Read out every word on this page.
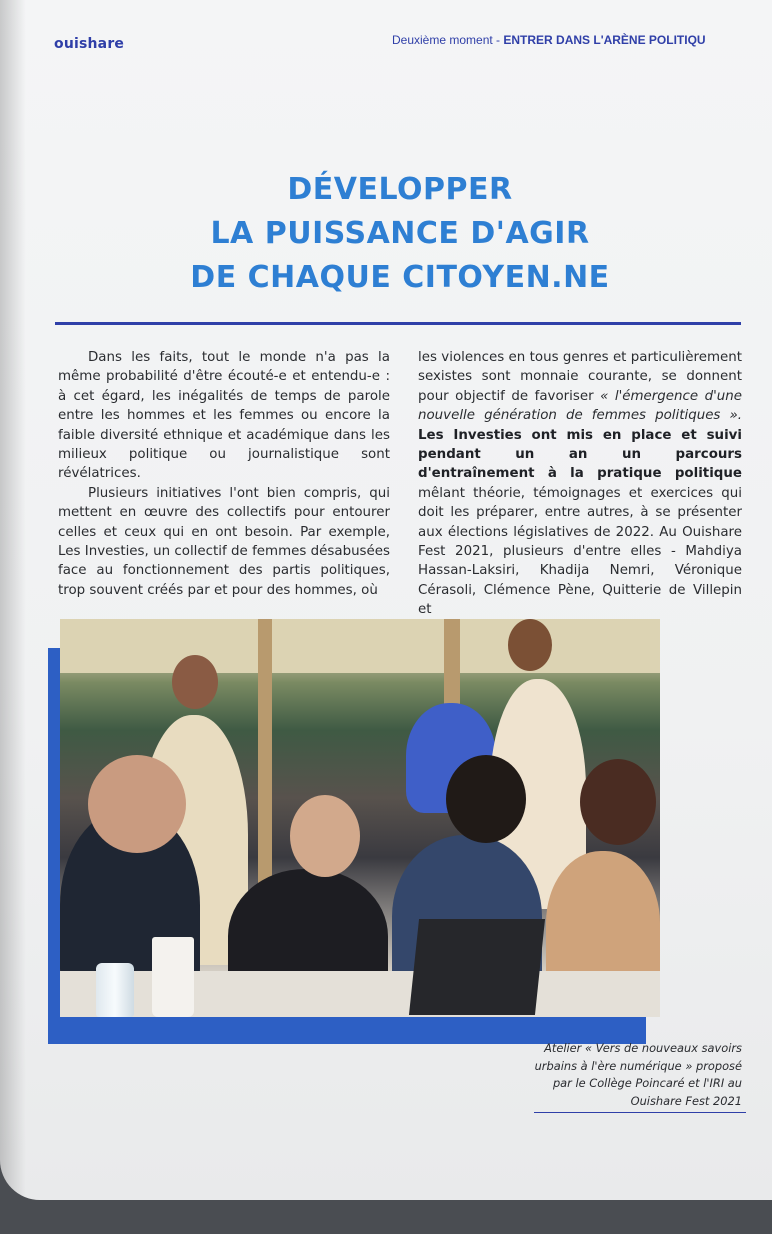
ouishare	Deuxième moment - ENTRER DANS L'ARÈNE POLITIQU
DÉVELOPPER
LA PUISSANCE D'AGIR
DE CHAQUE CITOYEN.NE

Dans les faits, tout le monde n'a pas la même probabilité d'être écouté-e et entendu-e : à cet égard, les inégalités de temps de parole entre les hommes et les femmes ou encore la faible diversité ethnique et académique dans les milieux politique ou journalistique sont révélatrices.

Plusieurs initiatives l'ont bien compris, qui mettent en œuvre des collectifs pour entourer celles et ceux qui en ont besoin. Par exemple, Les Investies, un collectif de femmes désabusées face au fonctionnement des partis politiques, trop souvent créés par et pour des hommes, où

les violences en tous genres et particulièrement sexistes sont monnaie courante, se donnent pour objectif de favoriser « l'émergence d'une nouvelle génération de femmes politiques ». Les Investies ont mis en place et suivi pendant un an un parcours d'entraînement à la pratique politique mêlant théorie, témoignages et exercices qui doit les préparer, entre autres, à se présenter aux élections législatives de 2022. Au Ouishare Fest 2021, plusieurs d'entre elles - Mahdiya Hassan-Laksiri, Khadija Nemri, Véronique Cérasoli, Clémence Pène, Quitterie de Villepin et

Atelier « Vers de nouveaux savoirs
urbains à l'ère numérique » proposé
par le Collège Poincaré et l'IRI au
Ouishare Fest 2021
